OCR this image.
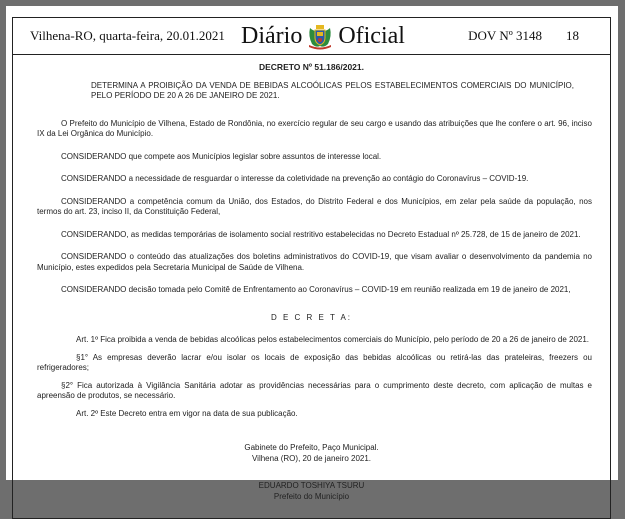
Vilhena-RO, quarta-feira, 20.01.2021 Diário Oficial	DOV Nº 3148 18
DECRETO Nº 51.186/2021.
DETERMINA A PROIBIÇÃO DA VENDA DE BEBIDAS ALCOÓLICAS PELOS ESTABELECIMENTOS COMERCIAIS DO MUNICÍPIO, PELO PERÍODO DE 20 A 26 DE JANEIRO DE 2021.
O Prefeito do Município de Vilhena, Estado de Rondônia, no exercício regular de seu cargo e usando das atribuições que lhe confere o art. 96, inciso IX da Lei Orgânica do Município.
CONSIDERANDO que compete aos Municípios legislar sobre assuntos de interesse local.
CONSIDERANDO a necessidade de resguardar o interesse da coletividade na prevenção ao contágio do Coronavírus – COVID-19.
CONSIDERANDO a competência comum da União, dos Estados, do Distrito Federal e dos Municípios, em zelar pela saúde da população, nos termos do art. 23, inciso II, da Constituição Federal,
CONSIDERANDO, as medidas temporárias de isolamento social restritivo estabelecidas no Decreto Estadual nº 25.728, de 15 de janeiro de 2021.
CONSIDERANDO o conteúdo das atualizações dos boletins administrativos do COVID-19, que visam avaliar o desenvolvimento da pandemia no Município, estes expedidos pela Secretaria Municipal de Saúde de Vilhena.
CONSIDERANDO decisão tomada pelo Comitê de Enfrentamento ao Coronavírus – COVID-19 em reunião realizada em 19 de janeiro de 2021,
D E C R E T A:
Art. 1º Fica proibida a venda de bebidas alcoólicas pelos estabelecimentos comerciais do Município, pelo período de 20 a 26 de janeiro de 2021.
§1° As empresas deverão lacrar e/ou isolar os locais de exposição das bebidas alcoólicas ou retirá-las das prateleiras, freezers ou refrigeradores;
§2° Fica autorizada à Vigilância Sanitária adotar as providências necessárias para o cumprimento deste decreto, com aplicação de multas e apreensão de produtos, se necessário.
Art. 2º Este Decreto entra em vigor na data de sua publicação.
Gabinete do Prefeito, Paço Municipal.
Vilhena (RO), 20 de janeiro 2021.
EDUARDO TOSHIYA TSURU
Prefeito do Município
